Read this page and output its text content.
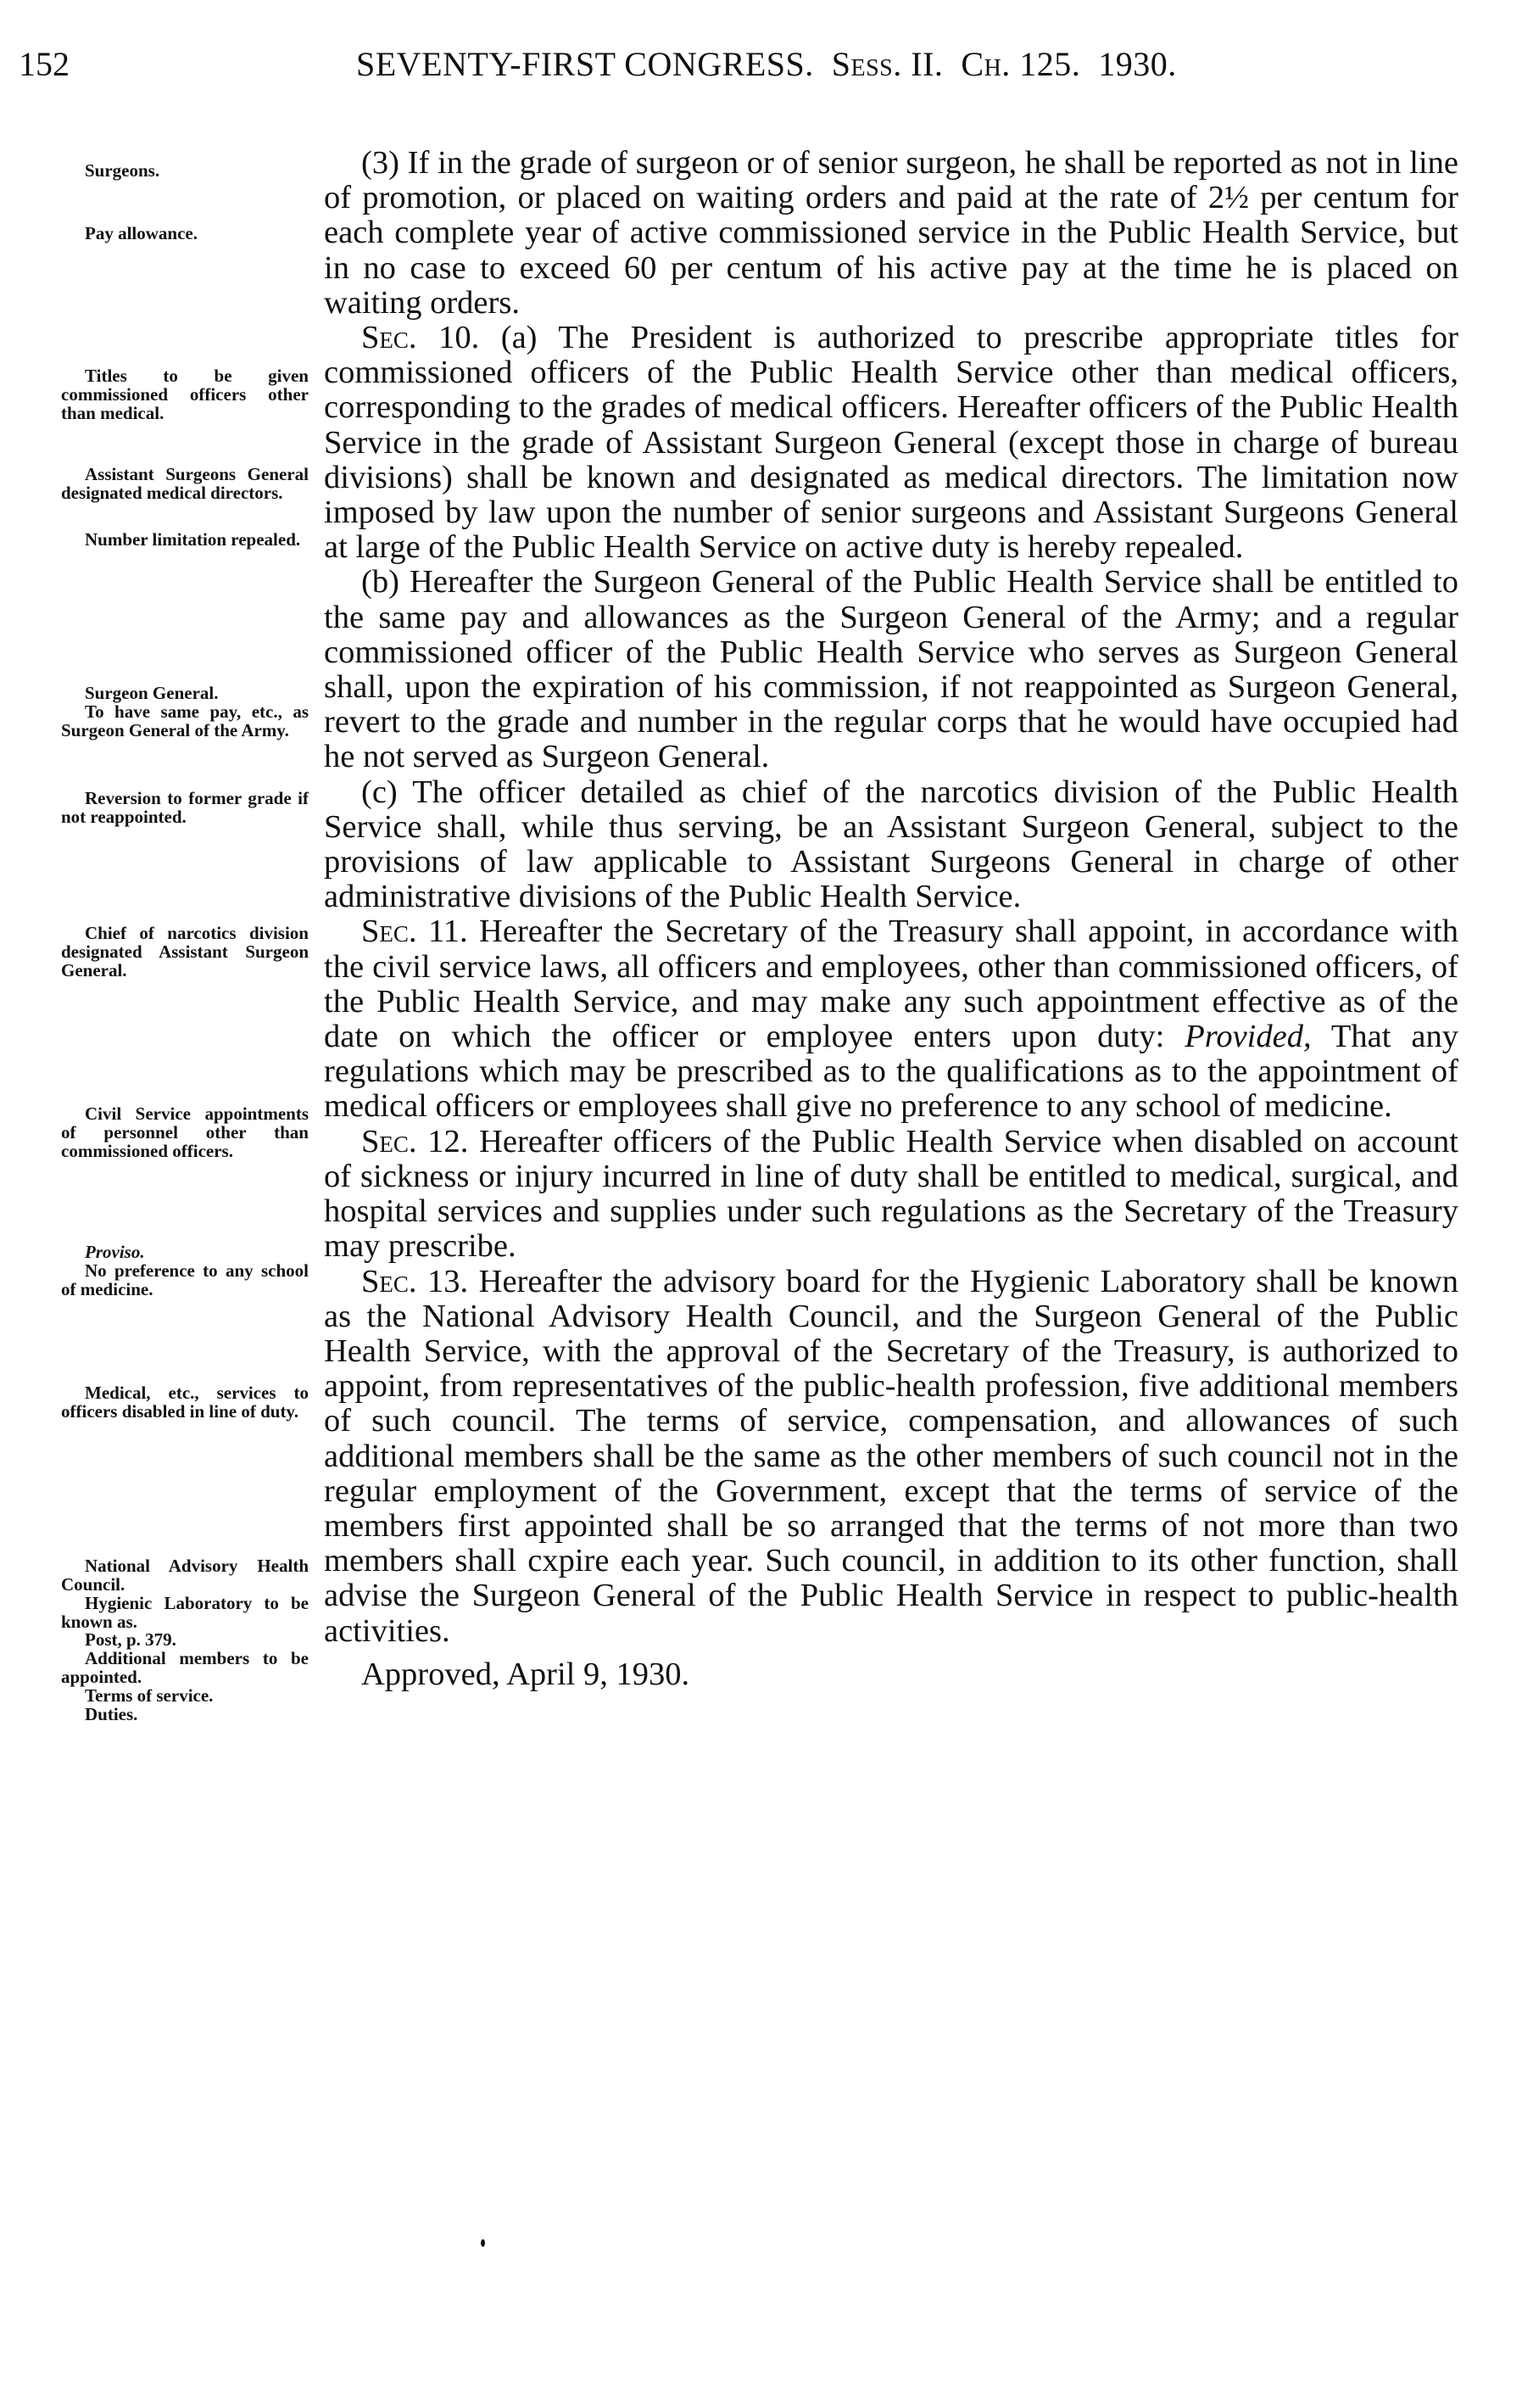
152	SEVENTY-FIRST CONGRESS. Sess. II. Ch. 125. 1930.

Surgeons.

Pay allowance.

Titles to be given commissioned officers other than medical.

Assistant Surgeons General designated medical directors.

Number limitation repealed.

Surgeon General.

To have same pay, etc., as Surgeon General of the Army.

Reversion to former grade if not reappointed.

Chief of narcotics division designated Assistant Surgeon General.

Civil Service appointments of personnel other than commissioned officers.

Proviso.

No preference to any school of medicine.

Medical, etc., services to officers disabled in line of duty.

National Advisory Health Council.

Hygienic Laboratory to be known as.

Post, p. 379.

Additional members to be appointed.

Terms of service.

Duties.

(3) If in the grade of surgeon or of senior surgeon, he shall be reported as not in line of promotion, or placed on waiting orders and paid at the rate of 2½ per centum for each complete year of active commissioned service in the Public Health Service, but in no case to exceed 60 per centum of his active pay at the time he is placed on waiting orders.

Sec. 10. (a) The President is authorized to prescribe appropriate titles for commissioned officers of the Public Health Service other than medical officers, corresponding to the grades of medical officers. Hereafter officers of the Public Health Service in the grade of Assistant Surgeon General (except those in charge of bureau divisions) shall be known and designated as medical directors. The limitation now imposed by law upon the number of senior surgeons and Assistant Surgeons General at large of the Public Health Service on active duty is hereby repealed.

(b) Hereafter the Surgeon General of the Public Health Service shall be entitled to the same pay and allowances as the Surgeon General of the Army; and a regular commissioned officer of the Public Health Service who serves as Surgeon General shall, upon the expiration of his commission, if not reappointed as Surgeon General, revert to the grade and number in the regular corps that he would have occupied had he not served as Surgeon General.

(c) The officer detailed as chief of the narcotics division of the Public Health Service shall, while thus serving, be an Assistant Surgeon General, subject to the provisions of law applicable to Assistant Surgeons General in charge of other administrative divisions of the Public Health Service.

Sec. 11. Hereafter the Secretary of the Treasury shall appoint, in accordance with the civil service laws, all officers and employees, other than commissioned officers, of the Public Health Service, and may make any such appointment effective as of the date on which the officer or employee enters upon duty: Provided, That any regulations which may be prescribed as to the qualifications as to the appointment of medical officers or employees shall give no preference to any school of medicine.

Sec. 12. Hereafter officers of the Public Health Service when disabled on account of sickness or injury incurred in line of duty shall be entitled to medical, surgical, and hospital services and supplies under such regulations as the Secretary of the Treasury may prescribe.

Sec. 13. Hereafter the advisory board for the Hygienic Laboratory shall be known as the National Advisory Health Council, and the Surgeon General of the Public Health Service, with the approval of the Secretary of the Treasury, is authorized to appoint, from representatives of the public-health profession, five additional members of such council. The terms of service, compensation, and allowances of such additional members shall be the same as the other members of such council not in the regular employment of the Government, except that the terms of service of the members first appointed shall be so arranged that the terms of not more than two members shall cxpire each year. Such council, in addition to its other function, shall advise the Surgeon General of the Public Health Service in respect to public-health activities.

Approved, April 9, 1930.
